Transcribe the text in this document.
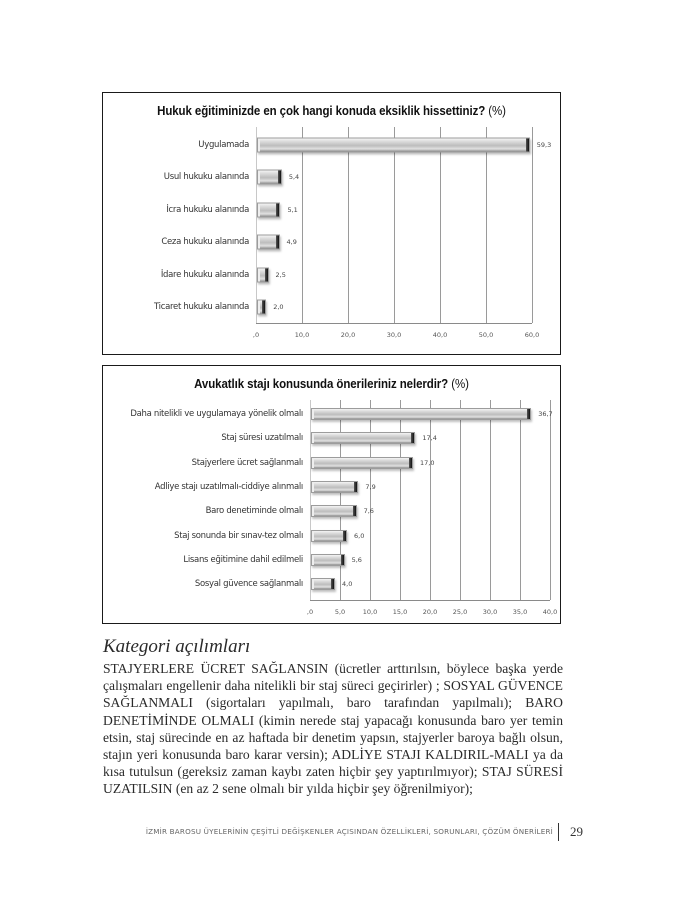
Hukuk eğitiminizde en çok hangi konuda eksiklik hissettiniz? (%)
,0	10,0	20,0	30,0	40,0	50,0	60,0
59,3
5,4
5,1
4,9
2,5
2,0
Uygulamada
Usul hukuku alanında
İcra hukuku alanında
Ceza hukuku alanında
İdare hukuku alanında
Ticaret hukuku alanında
Avukatlık stajı konusunda önerileriniz nelerdir? (%)
,0	5,0	10,0 15,0 20,0 25,0 30,0 35,0 40,0
36,7
17,4
17,0
7,9
7,6
6,0
5,6
4,0
Daha nitelikli ve uygulamaya yönelik olmalı
Staj süresi uzatılmalı
Stajyerlere ücret sağlanmalı
Adliye stajı uzatılmalı-ciddiye alınmalı
Baro denetiminde olmalı
Staj sonunda bir sınav-tez olmalı
Lisans eğitimine dahil edilmeli
Sosyal güvence sağlanmalı
Kategori açılımları

STAJYERLERE ÜCRET SAĞLANSIN (ücretler arttırılsın, böylece başka yerde çalışmaları engellenir daha nitelikli bir staj süreci geçirirler) ; SOSYAL GÜVENCE SAĞLANMALI (sigortaları yapılmalı, baro tarafından yapılmalı); BARO DENETİMİNDE OLMALI (kimin nerede staj yapacağı konusunda baro yer temin etsin, staj sürecinde en az haftada bir denetim yapsın, stajyerler baroya bağlı olsun, stajın yeri konusunda baro karar versin); ADLİYE STAJI KALDIRIL-MALI ya da kısa tutulsun (gereksiz zaman kaybı zaten hiçbir şey yaptırılmıyor); STAJ SÜRESİ UZATILSIN (en az 2 sene olmalı bir yılda hiçbir şey öğrenilmiyor);

İZMİR BAROSU ÜYELERİNİN ÇEŞİTLİ DEĞİŞKENLER AÇISINDAN ÖZELLİKLERİ, SORUNLARI, ÇÖZÜM ÖNERİLERİ 29
